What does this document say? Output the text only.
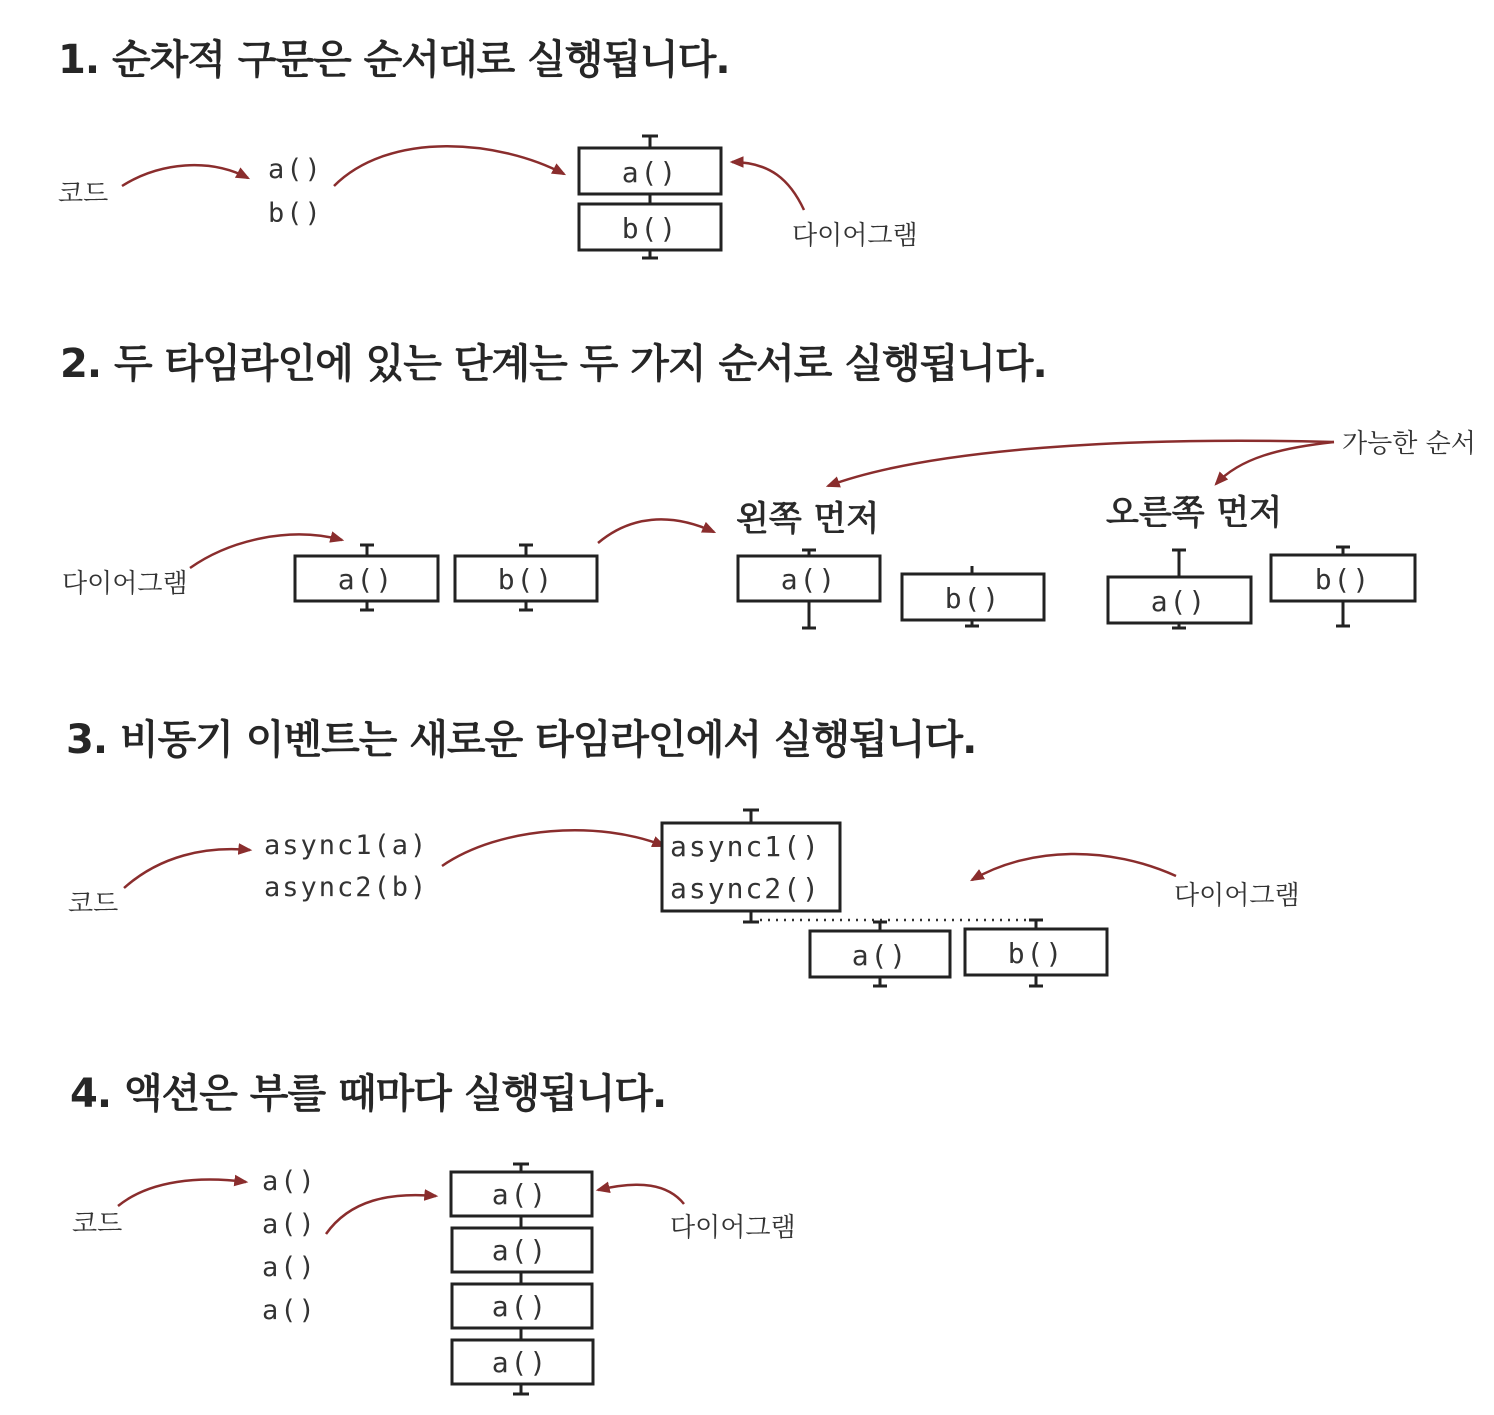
1. 순차적 구문은 순서대로 실행됩니다.
2. 두 타임라인에 있는 단계는 두 가지 순서로 실행됩니다.
3. 비동기 이벤트는 새로운 타임라인에서 실행됩니다.
4. 액션은 부를 때마다 실행됩니다.
코드
a()
b()
a()
b()	다이어그램
다이어그램	a()	b()
가능한 순서
왼쪽 먼저
a()
b()
오른쪽 먼저
a()
b()
코드
async1(a)
async2(b)
async1()
async2()
a()	b()
다이어그램
코드
a()
a()
a()
a()
a()
a()
a()
a()
다이어그램
